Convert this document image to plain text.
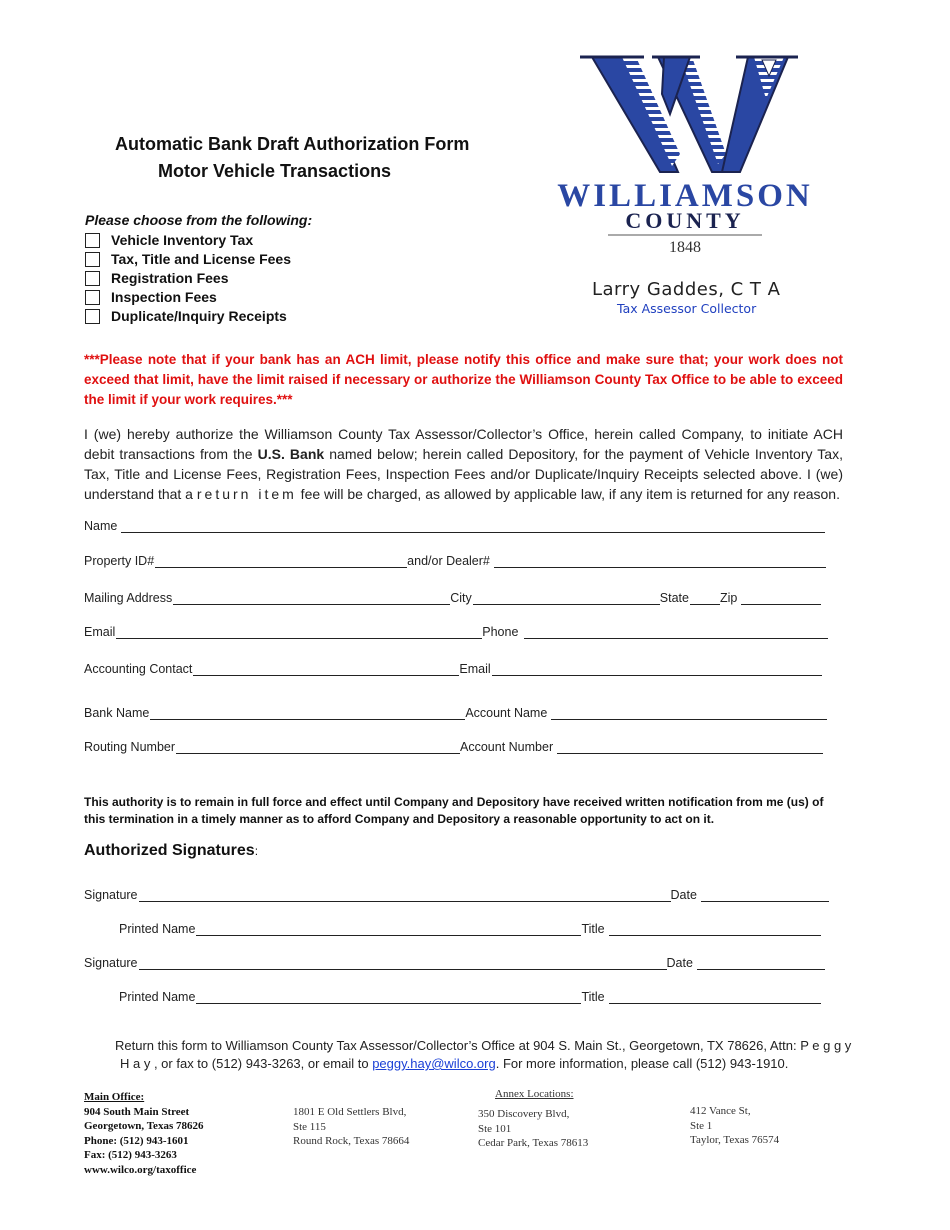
Automatic Bank Draft Authorization Form
Motor Vehicle Transactions
WILLIAMSON
COUNTY
1848
Larry Gaddes, C T A
Tax Assessor Collector
Please choose from the following:
Vehicle Inventory Tax
Tax, Title and License Fees
Registration Fees
Inspection Fees
Duplicate/Inquiry Receipts
***Please note that if your bank has an ACH limit, please notify this office and make sure that; your work does not exceed that limit, have the limit raised if necessary or authorize the Williamson County Tax Office to be able to exceed the limit if your work requires.***
I (we) hereby authorize the Williamson County Tax Assessor/Collector’s Office, herein called Company, to initiate ACH debit transactions from the U.S. Bank named below; herein called Depository, for the payment of Vehicle Inventory Tax, Tax, Title and License Fees, Registration Fees, Inspection Fees and/or Duplicate/Inquiry Receipts selected above. I (we) understand that a return item fee will be charged, as allowed by applicable law, if any item is returned for any reason.
Name
Property ID#	and/or Dealer#
Mailing Address	City	State Zip
Email	Phone
Accounting Contact	Email
Bank Name	Account Name
Routing Number	Account Number
This authority is to remain in full force and effect until Company and Depository have received written notification from me (us) of this termination in a timely manner as to afford Company and Depository a reasonable opportunity to act on it.
Authorized Signatures:
Signature	Date
Printed Name	Title
Signature	Date
Printed Name	Title
Return this form to Williamson County Tax Assessor/Collector’s Office at 904 S. Main St., Georgetown, TX 78626, Attn: P e g g y
H a y , or fax to (512) 943-3263, or email to peggy.hay@wilco.org. For more information, please call (512) 943-1910.
Main Office:
904 South Main Street
Georgetown, Texas 78626
Phone: (512) 943-1601
Fax: (512) 943-3263
www.wilco.org/taxoffice
Annex Locations:
1801 E Old Settlers Blvd,
Ste 115
Round Rock, Texas 78664
350 Discovery Blvd,
Ste 101
Cedar Park, Texas 78613
412 Vance St,
Ste 1
Taylor, Texas 76574
